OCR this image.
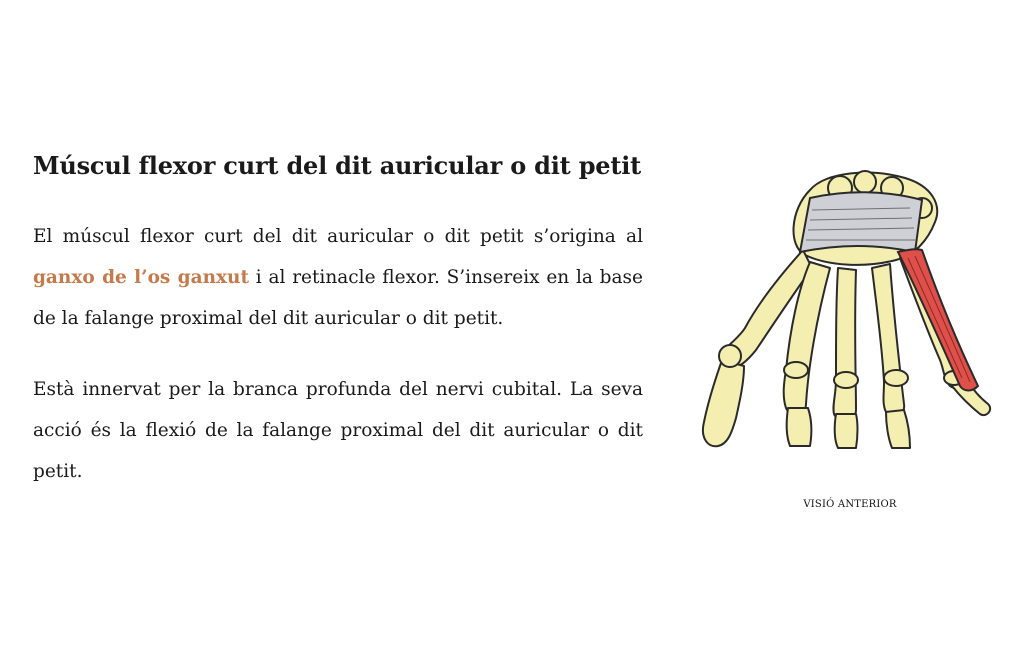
Múscul flexor curt del dit auricular o dit petit

El múscul flexor curt del dit auricular o dit petit s’origina al ganxo de l’os ganxut i al retinacle flexor. S’insereix en la base de la falange proximal del dit auricular o dit petit.

Està innervat per la branca profunda del nervi cubital. La seva acció és la flexió de la falange proximal del dit auricular o dit petit.

VISIÓ ANTERIOR
